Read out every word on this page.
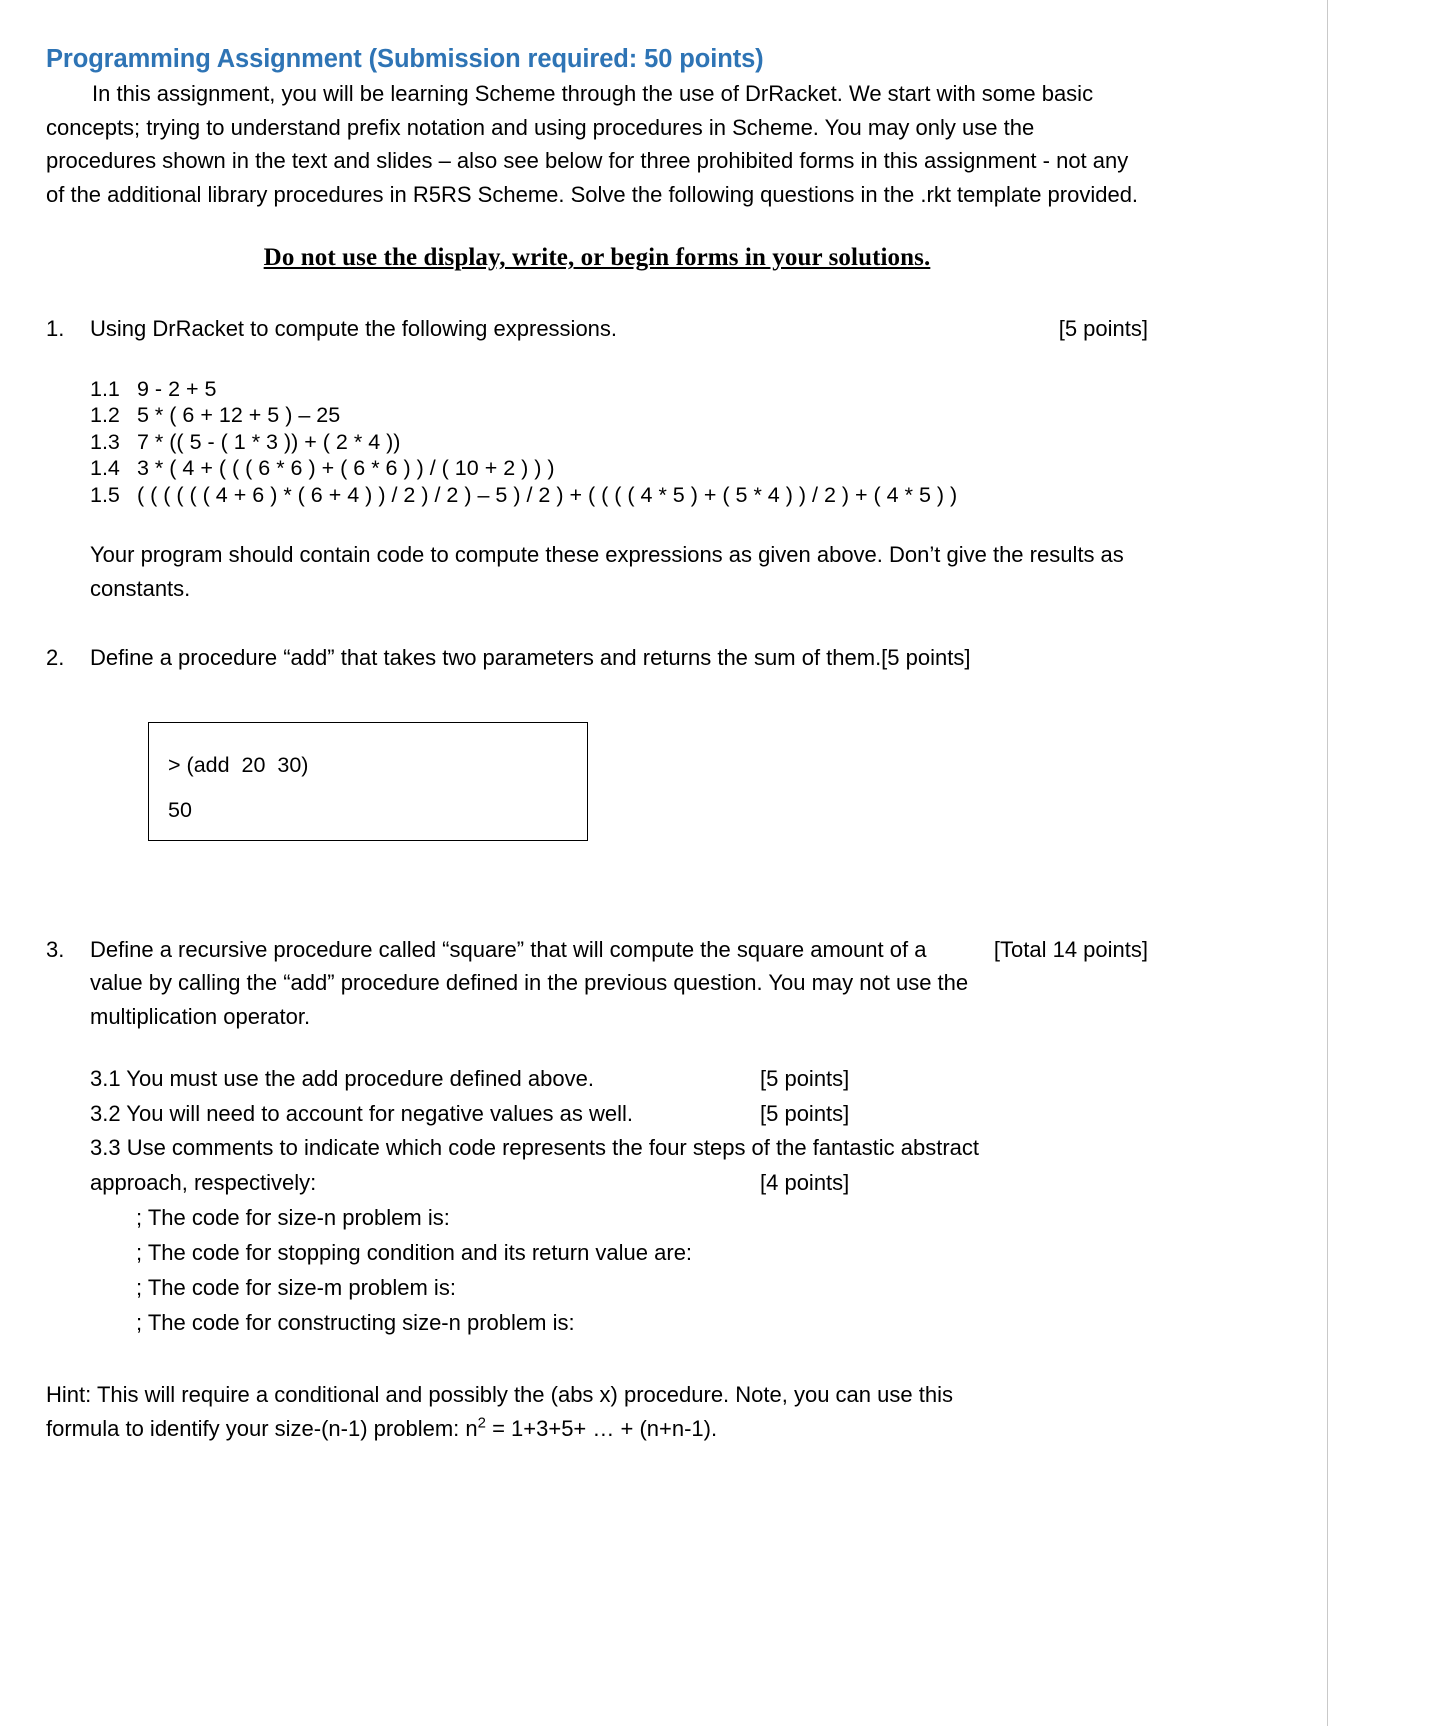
Programming Assignment (Submission required: 50 points)

In this assignment, you will be learning Scheme through the use of DrRacket. We start with some basic concepts; trying to understand prefix notation and using procedures in Scheme. You may only use the procedures shown in the text and slides – also see below for three prohibited forms in this assignment - not any of the additional library procedures in R5RS Scheme. Solve the following questions in the .rkt template provided.

Do not use the display, write, or begin forms in your solutions.
1.	Using DrRacket to compute the following expressions.	[5 points]
1.1 9 - 2 + 5
1.2 5 * ( 6 + 12 + 5 ) – 25
1.3 7 * (( 5 - ( 1 * 3 )) + ( 2 * 4 ))
1.4 3 * ( 4 + ( ( ( 6 * 6 ) + ( 6 * 6 ) ) / ( 10 + 2 ) ) )
1.5 ( ( ( ( ( ( 4 + 6 ) * ( 6 + 4 ) ) / 2 ) / 2 ) – 5 ) / 2 ) + ( ( ( ( 4 * 5 ) + ( 5 * 4 ) ) / 2 ) + ( 4 * 5 ) )
Your program should contain code to compute these expressions as given above. Don’t give the results as constants.
2.	Define a procedure “add” that takes two parameters and returns the sum of them.[5 points]
> (add  20  30)
50
3.	Define a recursive procedure called “square” that will compute the square amount of a value by calling the “add” procedure defined in the previous question. You may not use the multiplication operator.
[Total 14 points]
3.1 You must use the add procedure defined above.	[5 points]
3.2 You will need to account for negative values as well.	[5 points]
3.3 Use comments to indicate which code represents the four steps of the fantastic abstract
approach, respectively:	[4 points]
; The code for size-n problem is:
; The code for stopping condition and its return value are:
; The code for size-m problem is:
; The code for constructing size-n problem is:
Hint: This will require a conditional and possibly the (abs x) procedure. Note, you can use this
formula to identify your size-(n-1) problem: $n^2 = 1+3+5+$ … + (n+n-1).
